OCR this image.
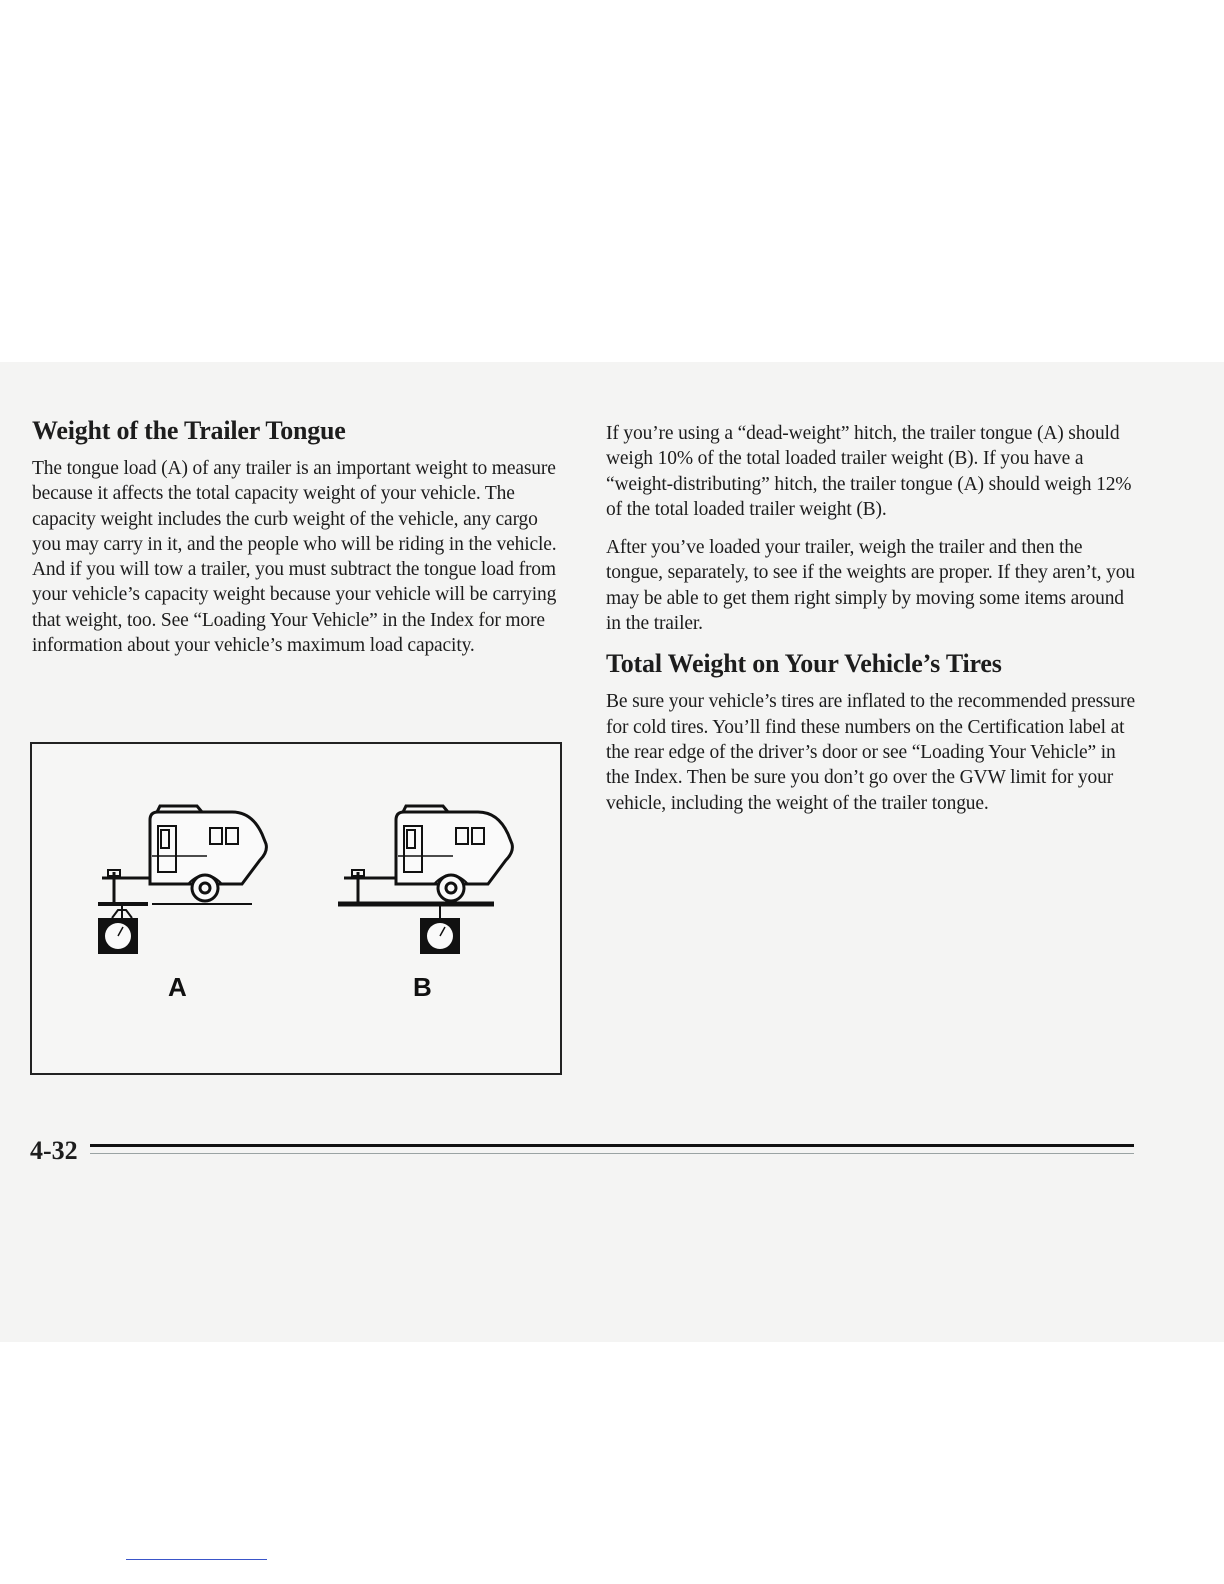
Weight of the Trailer Tongue

The tongue load (A) of any trailer is an important weight to measure because it affects the total capacity weight of your vehicle. The capacity weight includes the curb weight of the vehicle, any cargo you may carry in it, and the people who will be riding in the vehicle. And if you will tow a trailer, you must subtract the tongue load from your vehicle’s capacity weight because your vehicle will be carrying that weight, too. See “Loading Your Vehicle” in the Index for more information about your vehicle’s maximum load capacity.

A	B

If you’re using a “dead-weight” hitch, the trailer tongue (A) should weigh 10% of the total loaded trailer weight (B). If you have a “weight-distributing” hitch, the trailer tongue (A) should weigh 12% of the total loaded trailer weight (B).

After you’ve loaded your trailer, weigh the trailer and then the tongue, separately, to see if the weights are proper. If they aren’t, you may be able to get them right simply by moving some items around in the trailer.

Total Weight on Your Vehicle’s Tires

Be sure your vehicle’s tires are inflated to the recommended pressure for cold tires. You’ll find these numbers on the Certification label at the rear edge of the driver’s door or see “Loading Your Vehicle” in the Index. Then be sure you don’t go over the GVW limit for your vehicle, including the weight of the trailer tongue.

4-32
